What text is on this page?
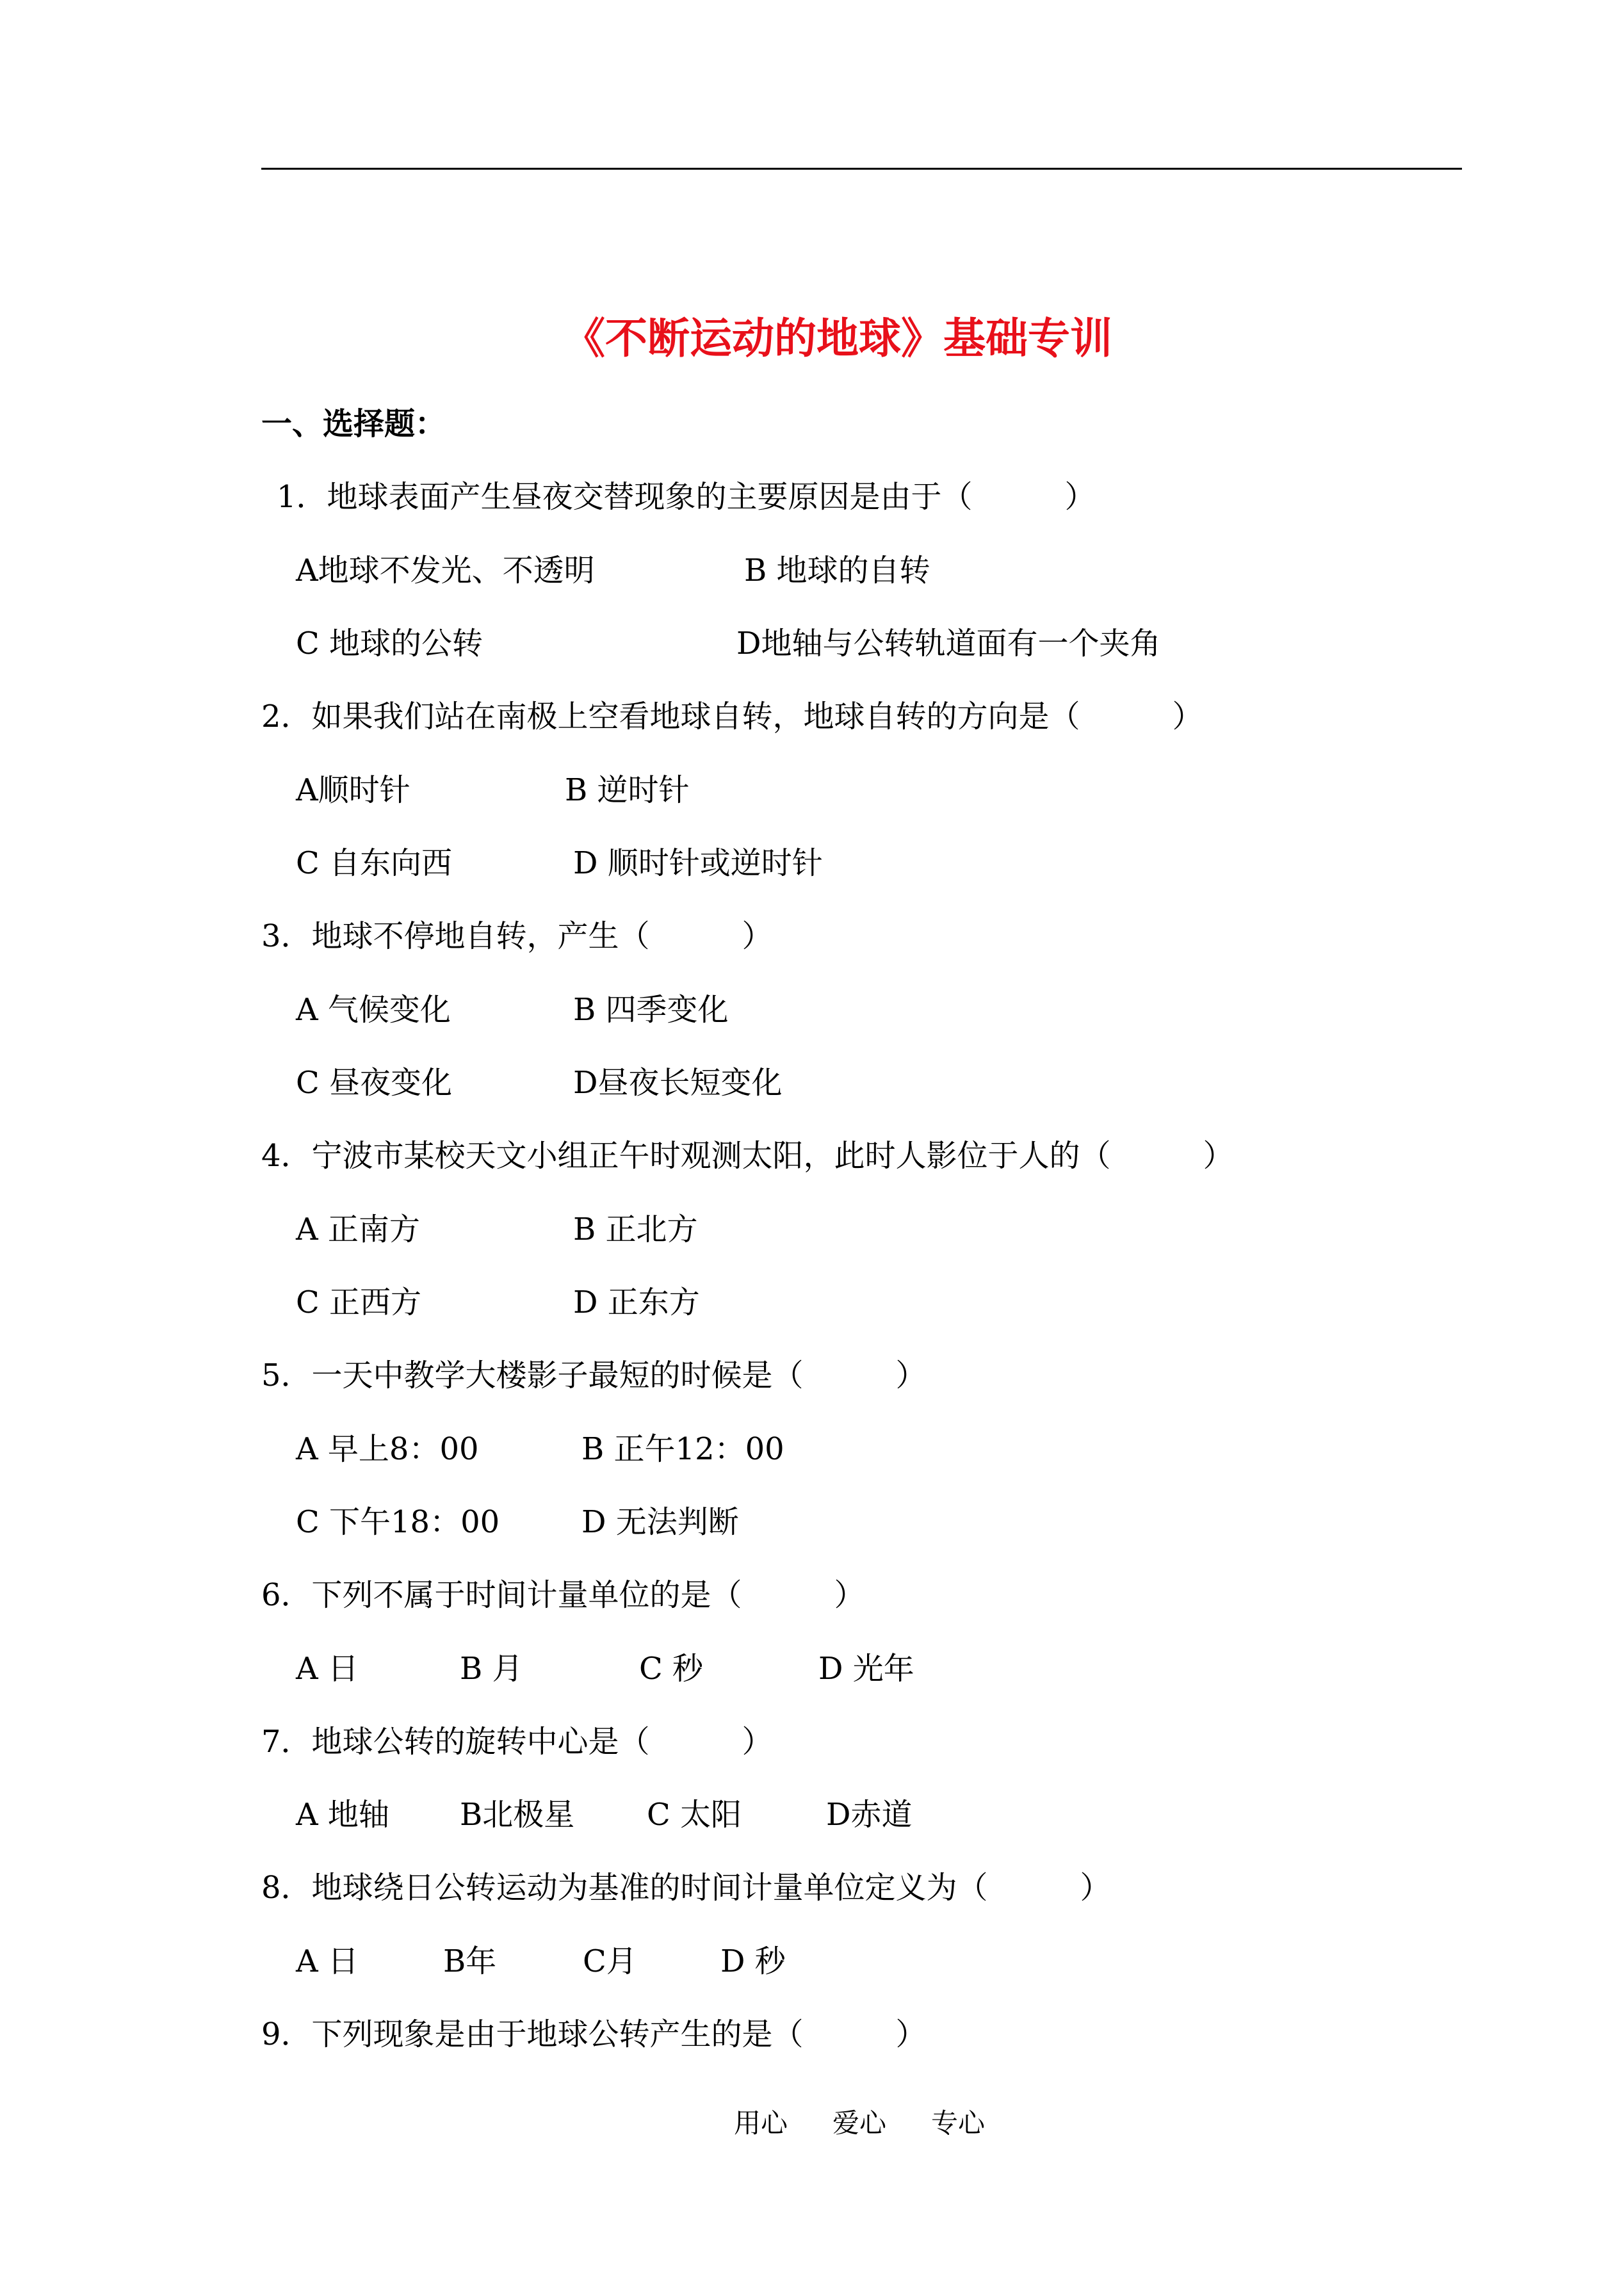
《不断运动的地球》基础专训
一、选择题：
1．地球表面产生昼夜交替现象的主要原因是由于（　　　）
A地球不发光、不透明	B 地球的自转
C 地球的公转	D地轴与公转轨道面有一个夹角
2．如果我们站在南极上空看地球自转，地球自转的方向是（　　　）
A顺时针	B 逆时针
C 自东向西	D 顺时针或逆时针
3．地球不停地自转，产生（　　　）
A 气候变化	B 四季变化
C 昼夜变化	D昼夜长短变化
4．宁波市某校天文小组正午时观测太阳，此时人影位于人的（　　　）
A 正南方	B 正北方
C 正西方	D 正东方
5．一天中教学大楼影子最短的时候是（　　　）
A 早上8：00	B 正午12：00
C 下午18：00	D 无法判断
6．下列不属于时间计量单位的是（　　　）
A 日	B 月	C 秒	D 光年
7．地球公转的旋转中心是（　　　）
A 地轴 B北极星 C 太阳	D赤道
8．地球绕日公转运动为基准的时间计量单位定义为（　　　）
A 日	B年	C月	D 秒
9．下列现象是由于地球公转产生的是（　　　）
用心 爱心 专心
